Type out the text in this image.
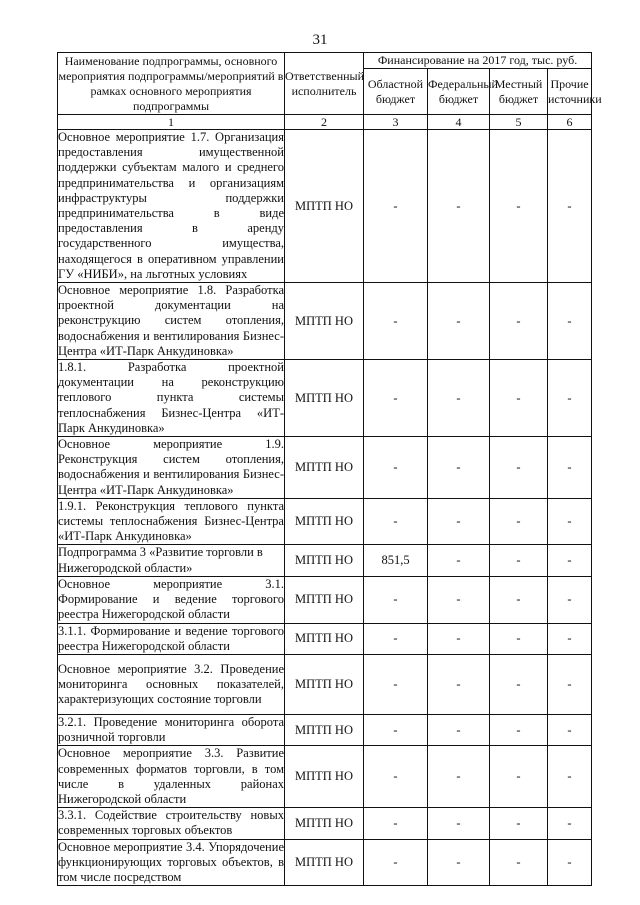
31
Наименование подпрограммы, основного мероприятия подпрограммы/мероприятий в рамках основного мероприятия подпрограммы	Ответственный исполнитель	Финансирование на 2017 год, тыс. руб.			
		Областной бюджет	Федеральный бюджет	Местный бюджет	Прочие источники
1	2	3	4	5	6
Основное мероприятие 1.7. Организация предоставления имущественной поддержки субъектам малого и среднего предпринимательства и организациям инфраструктуры поддержки предпринимательства в виде предоставления в аренду государственного имущества, находящегося в оперативном управлении ГУ «НИБИ», на льготных условиях	МПТП НО	-	-	-	-
Основное мероприятие 1.8. Разработка проектной документации на реконструкцию систем отопления, водоснабжения и вентилирования Бизнес-Центра «ИТ-Парк Анкудиновка»	МПТП НО	-	-	-	-
1.8.1. Разработка проектной документации на реконструкцию теплового пункта системы теплоснабжения Бизнес-Центра «ИТ-Парк Анкудиновка»	МПТП НО	-	-	-	-
Основное мероприятие 1.9. Реконструкция систем отопления, водоснабжения и вентилирования Бизнес-Центра «ИТ-Парк Анкудиновка»	МПТП НО	-	-	-	-
1.9.1. Реконструкция теплового пункта системы теплоснабжения Бизнес-Центра «ИТ-Парк Анкудиновка»	МПТП НО	-	-	-	-
Подпрограмма 3 «Развитие торговли в Нижегородской области»	МПТП НО	851,5	-	-	-
Основное мероприятие 3.1. Формирование и ведение торгового реестра Нижегородской области	МПТП НО	-	-	-	-
3.1.1. Формирование и ведение торгового реестра Нижегородской области	МПТП НО	-	-	-	-
Основное мероприятие 3.2. Проведение мониторинга основных показателей, характеризующих состояние торговли	МПТП НО	-	-	-	-
3.2.1. Проведение мониторинга оборота розничной торговли	МПТП НО	-	-	-	-
Основное мероприятие 3.3. Развитие современных форматов торговли, в том числе в удаленных районах Нижегородской области	МПТП НО	-	-	-	-
3.3.1. Содействие строительству новых современных торговых объектов	МПТП НО	-	-	-	-
Основное мероприятие 3.4. Упорядочение функционирующих торговых объектов, в том числе посредством	МПТП НО	-	-	-	-
